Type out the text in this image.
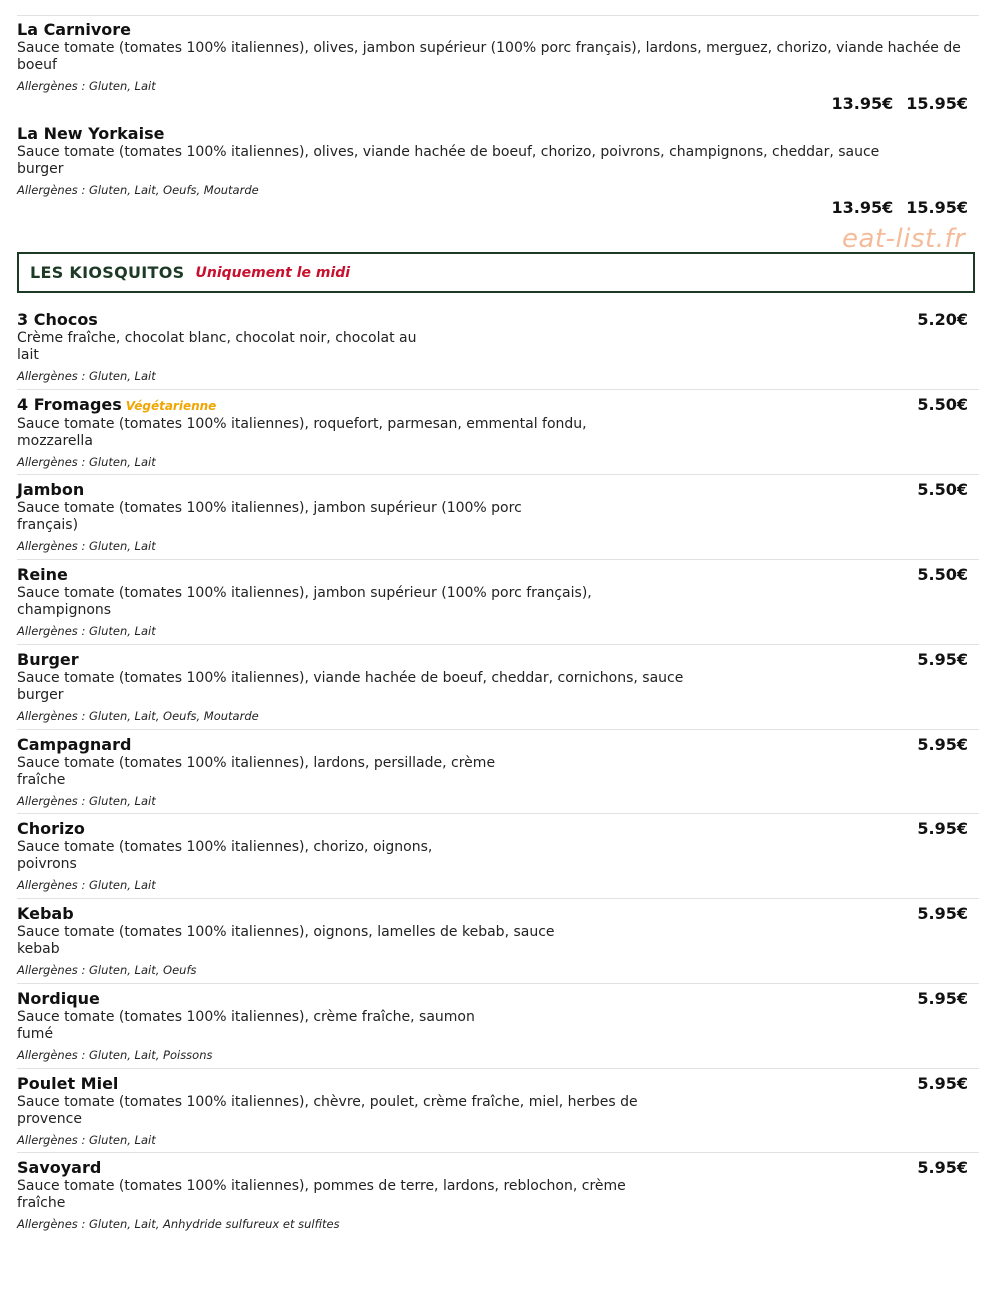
La Carnivore
Sauce tomate (tomates 100% italiennes), olives, jambon supérieur (100% porc français), lardons, merguez, chorizo, viande hachée de boeuf
Allergènes : Gluten, Lait
13.95€ 15.95€
La New Yorkaise
Sauce tomate (tomates 100% italiennes), olives, viande hachée de boeuf, chorizo, poivrons, champignons, cheddar, sauce burger
Allergènes : Gluten, Lait, Oeufs, Moutarde
13.95€ 15.95€
LES KIOSQUITOS Uniquement le midi
3 Chocos
Crème fraîche, chocolat blanc, chocolat noir, chocolat au lait
Allergènes : Gluten, Lait
5.20€
4 Fromages Végétarienne
Sauce tomate (tomates 100% italiennes), roquefort, parmesan, emmental fondu, mozzarella
Allergènes : Gluten, Lait
5.50€
Jambon
Sauce tomate (tomates 100% italiennes), jambon supérieur (100% porc français)
Allergènes : Gluten, Lait
5.50€
Reine
Sauce tomate (tomates 100% italiennes), jambon supérieur (100% porc français), champignons
Allergènes : Gluten, Lait
5.50€
Burger
Sauce tomate (tomates 100% italiennes), viande hachée de boeuf, cheddar, cornichons, sauce burger
Allergènes : Gluten, Lait, Oeufs, Moutarde
5.95€
Campagnard
Sauce tomate (tomates 100% italiennes), lardons, persillade, crème fraîche
Allergènes : Gluten, Lait
5.95€
Chorizo
Sauce tomate (tomates 100% italiennes), chorizo, oignons, poivrons
Allergènes : Gluten, Lait
5.95€
Kebab
Sauce tomate (tomates 100% italiennes), oignons, lamelles de kebab, sauce kebab
Allergènes : Gluten, Lait, Oeufs
5.95€
Nordique
Sauce tomate (tomates 100% italiennes), crème fraîche, saumon fumé
Allergènes : Gluten, Lait, Poissons
5.95€
Poulet Miel
Sauce tomate (tomates 100% italiennes), chèvre, poulet, crème fraîche, miel, herbes de provence
Allergènes : Gluten, Lait
5.95€
Savoyard
Sauce tomate (tomates 100% italiennes), pommes de terre, lardons, reblochon, crème fraîche
Allergènes : Gluten, Lait, Anhydride sulfureux et sulfites
5.95€
eat-list.fr
